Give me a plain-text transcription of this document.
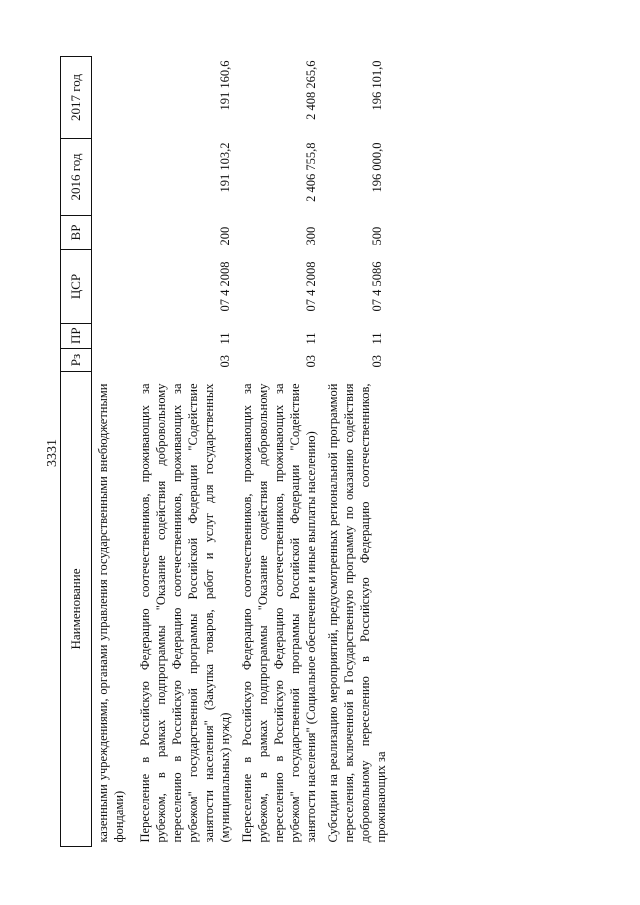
3331
Наименование	Рз	ПР	ЦСР	ВР	2016 год	2017 год
казенными учреждениями, органами управления государственными внебюджетными фондами)						
Переселение в Российскую Федерацию соотечественников, проживающих за рубежом, в рамках подпрограммы "Оказание содействия добровольному переселению в Российскую Федерацию соотечественников, проживающих за рубежом" государственной программы Российской Федерации "Содействие занятости населения" (Закупка товаров, работ и услуг для государственных (муниципальных) нужд)	03	11	07 4 2008	200	191 103,2	191 160,6
Переселение в Российскую Федерацию соотечественников, проживающих за рубежом, в рамках подпрограммы "Оказание содействия добровольному переселению в Российскую Федерацию соотечественников, проживающих за рубежом" государственной программы Российской Федерации "Содействие занятости населения" (Социальное обеспечение и иные выплаты населению)	03	11	07 4 2008	300	2 406 755,8	2 408 265,6
Субсидии на реализацию мероприятий, предусмотренных региональной программой переселения, включенной в Государственную программу по оказанию содействия добровольному переселению в Российскую Федерацию соотечественников, проживающих за	03	11	07 4 5086	500	196 000,0	196 101,0
